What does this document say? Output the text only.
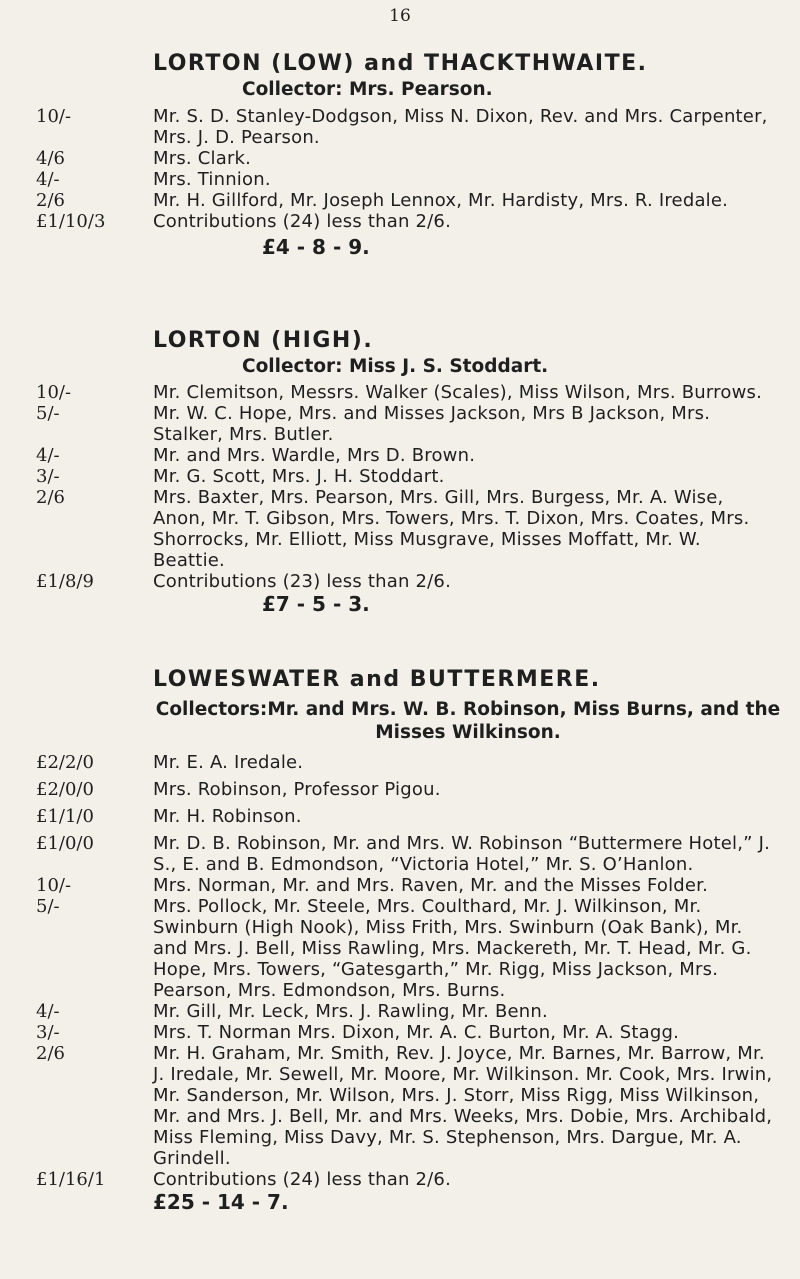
16
LORTON (LOW) and THACKTHWAITE.
Collector: Mrs. Pearson.
10/-	Mr. S. D. Stanley-Dodgson, Miss N. Dixon, Rev. and Mrs. Carpenter, Mrs. J. D. Pearson.
4/6	Mrs. Clark.
4/-	Mrs. Tinnion.
2/6	Mr. H. Gillford, Mr. Joseph Lennox, Mr. Hardisty, Mrs. R. Iredale.
£1/10/3	Contributions (24) less than 2/6.
£4 - 8 - 9.
LORTON (HIGH).
Collector: Miss J. S. Stoddart.
10/-	Mr. Clemitson, Messrs. Walker (Scales), Miss Wilson, Mrs. Burrows.
5/-	Mr. W. C. Hope, Mrs. and Misses Jackson, Mrs B Jackson, Mrs. Stalker, Mrs. Butler.
4/-	Mr. and Mrs. Wardle, Mrs D. Brown.
3/-	Mr. G. Scott, Mrs. J. H. Stoddart.
2/6	Mrs. Baxter, Mrs. Pearson, Mrs. Gill, Mrs. Burgess, Mr. A. Wise, Anon, Mr. T. Gibson, Mrs. Towers, Mrs. T. Dixon, Mrs. Coates, Mrs. Shorrocks, Mr. Elliott, Miss Musgrave, Misses Moffatt, Mr. W. Beattie.
£1/8/9	Contributions (23) less than 2/6.
£7 - 5 - 3.
LOWESWATER and BUTTERMERE.
Collectors:Mr. and Mrs. W. B. Robinson, Miss Burns, and the Misses Wilkinson.
£2/2/0	Mr. E. A. Iredale.
£2/0/0	Mrs. Robinson, Professor Pigou.
£1/1/0	Mr. H. Robinson.
£1/0/0	Mr. D. B. Robinson, Mr. and Mrs. W. Robinson “Buttermere Hotel,” J. S., E. and B. Edmondson, “Victoria Hotel,” Mr. S. O’Hanlon.
10/-	Mrs. Norman, Mr. and Mrs. Raven, Mr. and the Misses Folder.
5/-	Mrs. Pollock, Mr. Steele, Mrs. Coulthard, Mr. J. Wilkinson, Mr. Swinburn (High Nook), Miss Frith, Mrs. Swinburn (Oak Bank), Mr. and Mrs. J. Bell, Miss Rawling, Mrs. Mackereth, Mr. T. Head, Mr. G. Hope, Mrs. Towers, “Gatesgarth,” Mr. Rigg, Miss Jackson, Mrs. Pearson, Mrs. Edmondson, Mrs. Burns.
4/-	Mr. Gill, Mr. Leck, Mrs. J. Rawling, Mr. Benn.
3/-	Mrs. T. Norman Mrs. Dixon, Mr. A. C. Burton, Mr. A. Stagg.
2/6	Mr. H. Graham, Mr. Smith, Rev. J. Joyce, Mr. Barnes, Mr. Barrow, Mr. J. Iredale, Mr. Sewell, Mr. Moore, Mr. Wilkinson. Mr. Cook, Mrs. Irwin, Mr. Sanderson, Mr. Wilson, Mrs. J. Storr, Miss Rigg, Miss Wilkinson, Mr. and Mrs. J. Bell, Mr. and Mrs. Weeks, Mrs. Dobie, Mrs. Archibald, Miss Fleming, Miss Davy, Mr. S. Stephenson, Mrs. Dargue, Mr. A. Grindell.
£1/16/1	Contributions (24) less than 2/6.
£25 - 14 - 7.
